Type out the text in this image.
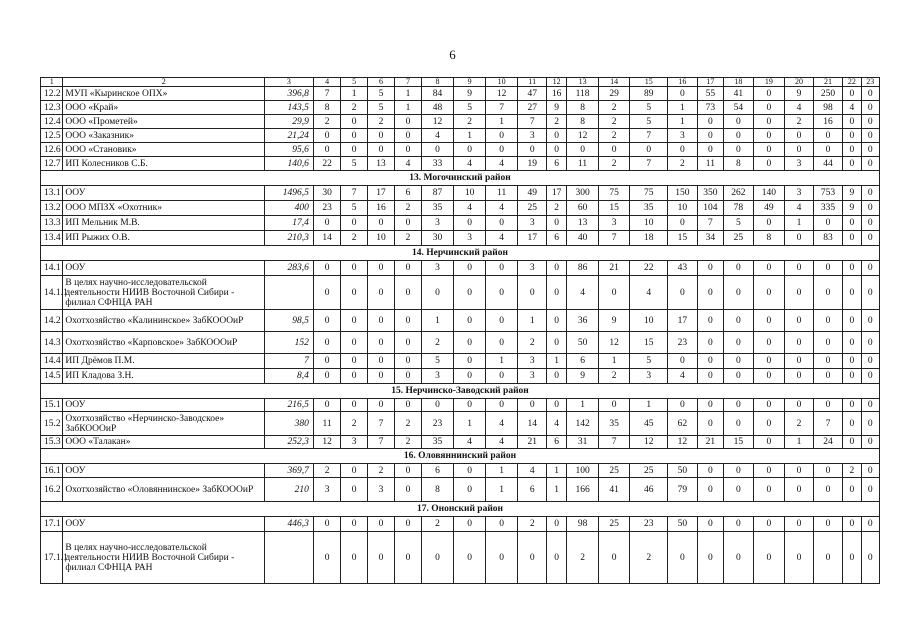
6
1	2	3	4	5	6	7	8	9	10	11	12	13	14	15	16	17	18	19	20	21	22	23
12.2	МУП «Кыринское ОПХ»	396,8	7	1	5	1	84	9	12	47	16	118	29	89	0	55	41	0	9	250	0	0
12.3	ООО «Край»	143,5	8	2	5	1	48	5	7	27	9	8	2	5	1	73	54	0	4	98	4	0
12.4	ООО «Прометей»	29,9	2	0	2	0	12	2	1	7	2	8	2	5	1	0	0	0	2	16	0	0
12.5	ООО «Заказник»	21,24	0	0	0	0	4	1	0	3	0	12	2	7	3	0	0	0	0	0	0	0
12.6	ООО «Становик»	95,6	0	0	0	0	0	0	0	0	0	0	0	0	0	0	0	0	0	0	0	0
12.7	ИП Колесников С.Б.	140,6	22	5	13	4	33	4	4	19	6	11	2	7	2	11	8	0	3	44	0	0
13. Могочинский район																						
13.1	ООУ	1496,5	30	7	17	6	87	10	11	49	17	300	75	75	150	350	262	140	3	753	9	0
13.2	ООО МПЗХ «Охотник»	400	23	5	16	2	35	4	4	25	2	60	15	35	10	104	78	49	4	335	9	0
13.3	ИП Мельник М.В.	17,4	0	0	0	0	3	0	0	3	0	13	3	10	0	7	5	0	1	0	0	0
13.4	ИП Рыжих О.В.	210,3	14	2	10	2	30	3	4	17	6	40	7	18	15	34	25	8	0	83	0	0
14. Нерчинский район																						
14.1	ООУ	283,6	0	0	0	0	3	0	0	3	0	86	21	22	43	0	0	0	0	0	0	0
14.1.1	В целях научно-исследовательской деятельности НИИВ Восточной Сибири - филиал СФНЦА РАН		0	0	0	0	0	0	0	0	0	4	0	4	0	0	0	0	0	0	0	0
14.2	Охотхозяйство «Калининское» ЗабКОООиР	98,5	0	0	0	0	1	0	0	1	0	36	9	10	17	0	0	0	0	0	0	0
14.3	Охотхозяйство «Карповское» ЗабКОООиР	152	0	0	0	0	2	0	0	2	0	50	12	15	23	0	0	0	0	0	0	0
14.4	ИП Дрёмов П.М.	7	0	0	0	0	5	0	1	3	1	6	1	5	0	0	0	0	0	0	0	0
14.5	ИП Кладова З.Н.	8,4	0	0	0	0	3	0	0	3	0	9	2	3	4	0	0	0	0	0	0	0
15. Нерчинско-Заводский район																						
15.1	ООУ	216,5	0	0	0	0	0	0	0	0	0	1	0	1	0	0	0	0	0	0	0	0
15.2	Охотхозяйство «Нерчинско-Заводское» ЗабКОООиР	380	11	2	7	2	23	1	4	14	4	142	35	45	62	0	0	0	2	7	0	0
15.3	ООО «Талакан»	252,3	12	3	7	2	35	4	4	21	6	31	7	12	12	21	15	0	1	24	0	0
16. Оловяннинский район																						
16.1	ООУ	369,7	2	0	2	0	6	0	1	4	1	100	25	25	50	0	0	0	0	0	2	0
16.2	Охотхозяйство «Оловяннинское» ЗабКОООиР	210	3	0	3	0	8	0	1	6	1	166	41	46	79	0	0	0	0	0	0	0
17. Ононский район																						
17.1	ООУ	446,3	0	0	0	0	2	0	0	2	0	98	25	23	50	0	0	0	0	0	0	0
17.1.1	В целях научно-исследовательской деятельности НИИВ Восточной Сибири - филиал СФНЦА РАН		0	0	0	0	0	0	0	0	0	2	0	2	0	0	0	0	0	0	0	0
